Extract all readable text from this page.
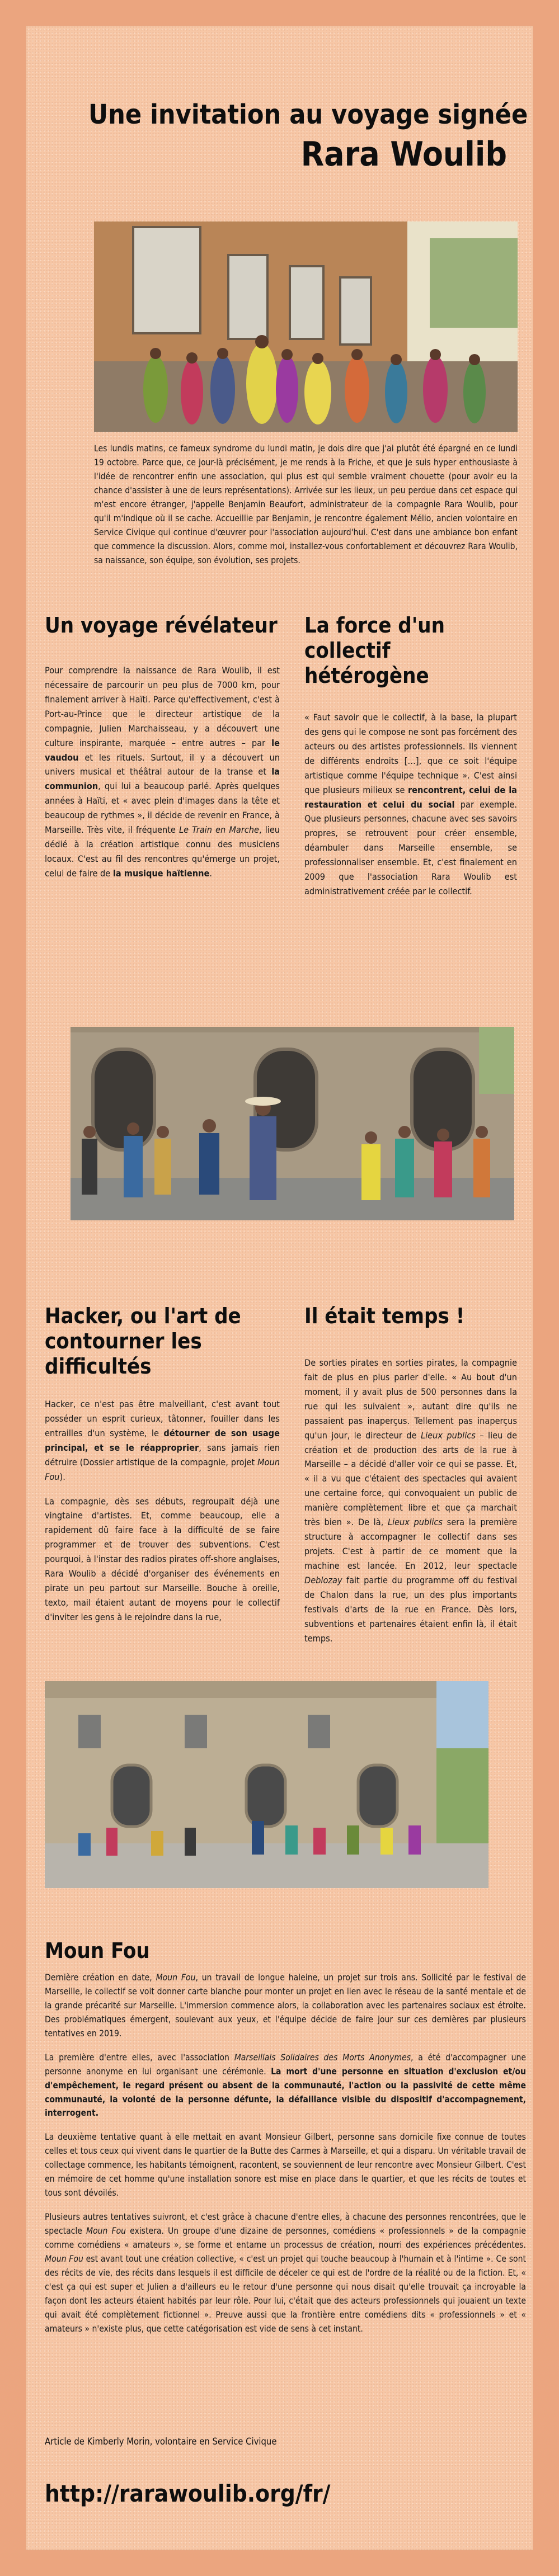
Une invitation au voyage signée
Rara Woulib
Les lundis matins, ce fameux syndrome du lundi matin, je dois dire que j'ai plutôt été épargné en ce lundi 19 octobre. Parce que, ce jour-là précisément, je me rends à la Friche, et que je suis hyper enthousiaste à l'idée de rencontrer enfin une association, qui plus est qui semble vraiment chouette (pour avoir eu la chance d'assister à une de leurs représentations). Arrivée sur les lieux, un peu perdue dans cet espace qui m'est encore étranger, j'appelle Benjamin Beaufort, administrateur de la compagnie Rara Woulib, pour qu'il m'indique où il se cache. Accueillie par Benjamin, je rencontre également Mélio, ancien volontaire en Service Civique qui continue d'œuvrer pour l'association aujourd'hui. C'est dans une ambiance bon enfant que commence la discussion. Alors, comme moi, installez-vous confortablement et découvrez Rara Woulib, sa naissance, son équipe, son évolution, ses projets.
Un voyage révélateur

Pour comprendre la naissance de Rara Woulib, il est nécessaire de parcourir un peu plus de 7000 km, pour finalement arriver à Haïti. Parce qu'effectivement, c'est à Port-au-Prince que le directeur artistique de la compagnie, Julien Marchaisseau, y a découvert une culture inspirante, marquée – entre autres – par le vaudou et les rituels. Surtout, il y a découvert un univers musical et théâtral autour de la transe et la communion, qui lui a beaucoup parlé. Après quelques années à Haïti, et « avec plein d'images dans la tête et beaucoup de rythmes », il décide de revenir en France, à Marseille. Très vite, il fréquente Le Train en Marche, lieu dédié à la création artistique connu des musiciens locaux. C'est au fil des rencontres qu'émerge un projet, celui de faire de la musique haïtienne.

La force d'un collectif hétérogène

« Faut savoir que le collectif, à la base, la plupart des gens qui le compose ne sont pas forcément des acteurs ou des artistes professionnels. Ils viennent de différents endroits […], que ce soit l'équipe artistique comme l'équipe technique ». C'est ainsi que plusieurs milieux se rencontrent, celui de la restauration et celui du social par exemple. Que plusieurs personnes, chacune avec ses savoirs propres, se retrouvent pour créer ensemble, déambuler dans Marseille ensemble, se professionnaliser ensemble. Et, c'est finalement en 2009 que l'association Rara Woulib est administrativement créée par le collectif.

Hacker, ou l'art de contourner les difficultés

Hacker, ce n'est pas être malveillant, c'est avant tout posséder un esprit curieux, tâtonner, fouiller dans les entrailles d'un système, le détourner de son usage principal, et se le réapproprier, sans jamais rien détruire (Dossier artistique de la compagnie, projet Moun Fou).

La compagnie, dès ses débuts, regroupait déjà une vingtaine d'artistes. Et, comme beaucoup, elle a rapidement dû faire face à la difficulté de se faire programmer et de trouver des subventions. C'est pourquoi, à l'instar des radios pirates off-shore anglaises, Rara Woulib a décidé d'organiser des événements en pirate un peu partout sur Marseille. Bouche à oreille, texto, mail étaient autant de moyens pour le collectif d'inviter les gens à le rejoindre dans la rue,

Il était temps !

De sorties pirates en sorties pirates, la compagnie fait de plus en plus parler d'elle. « Au bout d'un moment, il y avait plus de 500 personnes dans la rue qui les suivaient », autant dire qu'ils ne passaient pas inaperçus. Tellement pas inaperçus qu'un jour, le directeur de Lieux publics – lieu de création et de production des arts de la rue à Marseille – a décidé d'aller voir ce qui se passe. Et, « il a vu que c'étaient des spectacles qui avaient une certaine force, qui convoquaient un public de manière complètement libre et que ça marchait très bien ». De là, Lieux publics sera la première structure à accompagner le collectif dans ses projets. C'est à partir de ce moment que la machine est lancée. En 2012, leur spectacle Deblozay fait partie du programme off du festival de Chalon dans la rue, un des plus importants festivals d'arts de la rue en France. Dès lors, subventions et partenaires étaient enfin là, il était temps.

Moun Fou

Dernière création en date, Moun Fou, un travail de longue haleine, un projet sur trois ans. Sollicité par le festival de Marseille, le collectif se voit donner carte blanche pour monter un projet en lien avec le réseau de la santé mentale et de la grande précarité sur Marseille. L'immersion commence alors, la collaboration avec les partenaires sociaux est étroite. Des problématiques émergent, soulevant aux yeux, et l'équipe décide de faire jour sur ces dernières par plusieurs tentatives en 2019.

La première d'entre elles, avec l'association Marseillais Solidaires des Morts Anonymes, a été d'accompagner une personne anonyme en lui organisant une cérémonie. La mort d'une personne en situation d'exclusion et/ou d'empêchement, le regard présent ou absent de la communauté, l'action ou la passivité de cette même communauté, la volonté de la personne défunte, la défaillance visible du dispositif d'accompagnement, interrogent.

La deuxième tentative quant à elle mettait en avant Monsieur Gilbert, personne sans domicile fixe connue de toutes celles et tous ceux qui vivent dans le quartier de la Butte des Carmes à Marseille, et qui a disparu. Un véritable travail de collectage commence, les habitants témoignent, racontent, se souviennent de leur rencontre avec Monsieur Gilbert. C'est en mémoire de cet homme qu'une installation sonore est mise en place dans le quartier, et que les récits de toutes et tous sont dévoilés.

Plusieurs autres tentatives suivront, et c'est grâce à chacune d'entre elles, à chacune des personnes rencontrées, que le spectacle Moun Fou existera. Un groupe d'une dizaine de personnes, comédiens « professionnels » de la compagnie comme comédiens « amateurs », se forme et entame un processus de création, nourri des expériences précédentes. Moun Fou est avant tout une création collective, « c'est un projet qui touche beaucoup à l'humain et à l'intime ». Ce sont des récits de vie, des récits dans lesquels il est difficile de déceler ce qui est de l'ordre de la réalité ou de la fiction. Et, « c'est ça qui est super et Julien a d'ailleurs eu le retour d'une personne qui nous disait qu'elle trouvait ça incroyable la façon dont les acteurs étaient habités par leur rôle. Pour lui, c'était que des acteurs professionnels qui jouaient un texte qui avait été complètement fictionnel ». Preuve aussi que la frontière entre comédiens dits « professionnels » et « amateurs » n'existe plus, que cette catégorisation est vide de sens à cet instant.

Article de Kimberly Morin, volontaire en Service Civique
http://rarawoulib.org/fr/
